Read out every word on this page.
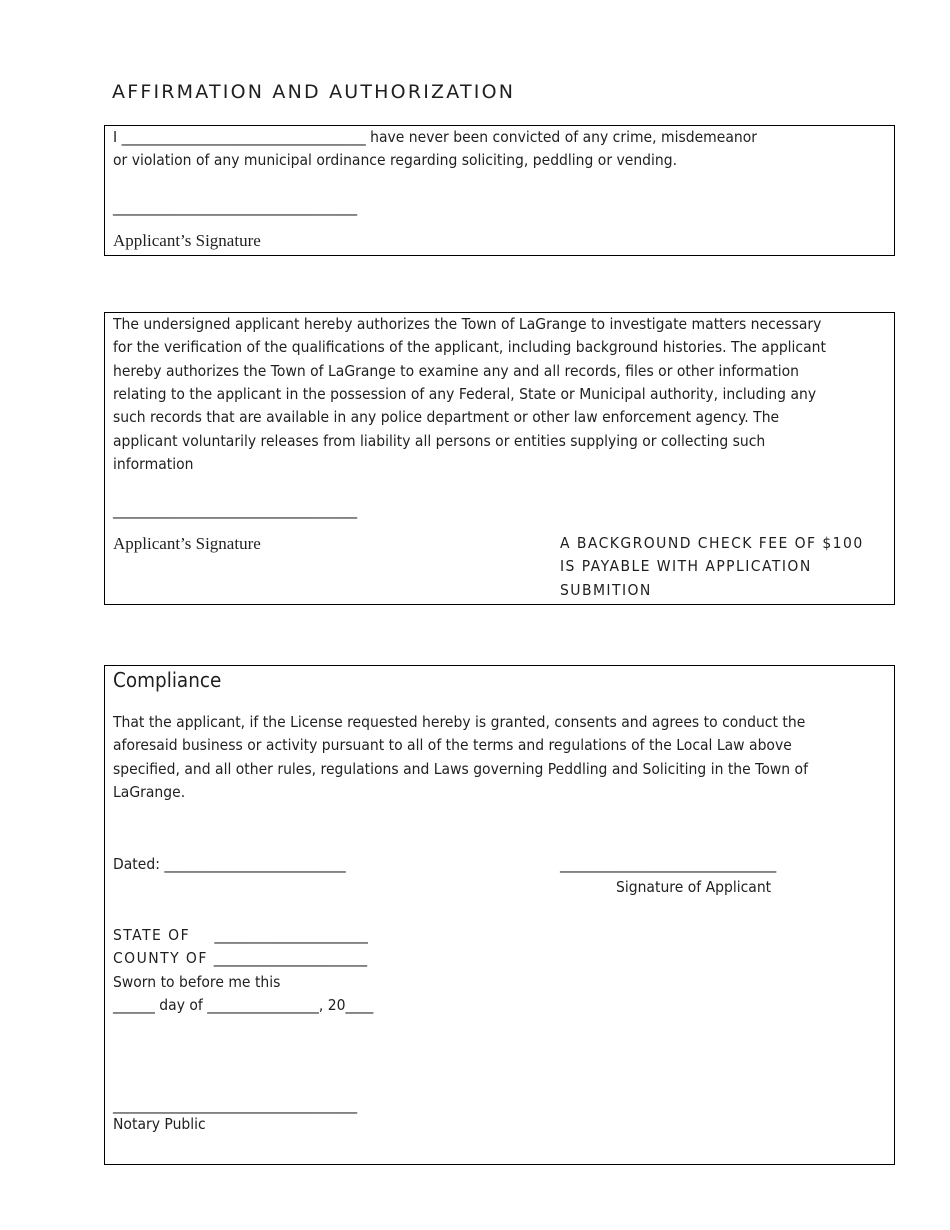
AFFIRMATION AND AUTHORIZATION
I ___________________________________ have never been convicted of any crime, misdemeanor
or violation of any municipal ordinance regarding soliciting, peddling or vending.
___________________________________
Applicant’s Signature
The undersigned applicant hereby authorizes the Town of LaGrange to investigate matters necessary
for the verification of the qualifications of the applicant, including background histories. The applicant
hereby authorizes the Town of LaGrange to examine any and all records, files or other information
relating to the applicant in the possession of any Federal, State or Municipal authority, including any
such records that are available in any police department or other law enforcement agency. The
applicant voluntarily releases from liability all persons or entities supplying or collecting such
information
___________________________________
Applicant’s Signature	A BACKGROUND CHECK FEE OF $100
IS PAYABLE WITH APPLICATION
SUBMITION
Compliance
That the applicant, if the License requested hereby is granted, consents and agrees to conduct the
aforesaid business or activity pursuant to all of the terms and regulations of the Local Law above
specified, and all other rules, regulations and Laws governing Peddling and Soliciting in the Town of
LaGrange.
Dated: __________________________	_______________________________
Signature of Applicant
STATE OF ______________________
COUNTY OF ______________________
Sworn to before me this
______ day of ________________, 20____
___________________________________
Notary Public
